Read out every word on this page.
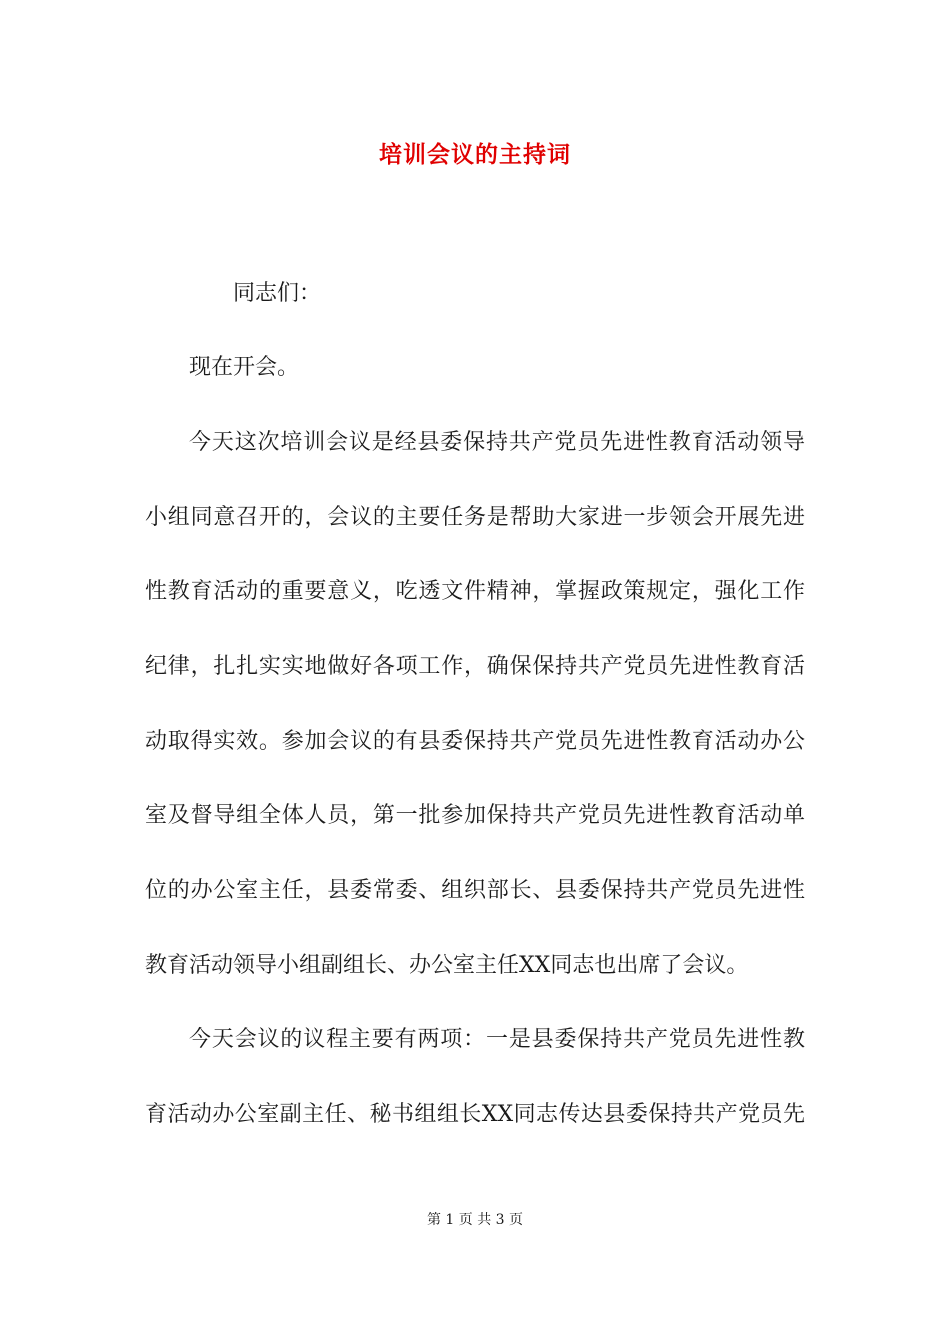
培训会议的主持词
同志们：
现在开会。
今天这次培训会议是经县委保持共产党员先进性教育活动领导
小组同意召开的，会议的主要任务是帮助大家进一步领会开展先进
性教育活动的重要意义，吃透文件精神，掌握政策规定，强化工作
纪律，扎扎实实地做好各项工作，确保保持共产党员先进性教育活
动取得实效。参加会议的有县委保持共产党员先进性教育活动办公
室及督导组全体人员，第一批参加保持共产党员先进性教育活动单
位的办公室主任，县委常委、组织部长、县委保持共产党员先进性
教育活动领导小组副组长、办公室主任XX同志也出席了会议。
今天会议的议程主要有两项：一是县委保持共产党员先进性教
育活动办公室副主任、秘书组组长XX同志传达县委保持共产党员先
第 1 页 共 3 页
